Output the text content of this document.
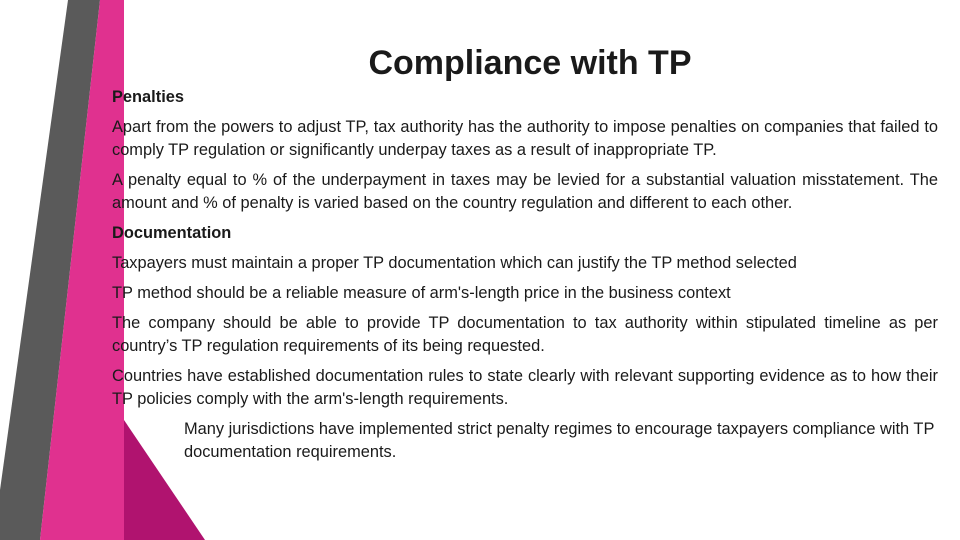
Compliance with TP

Penalties

Apart from the powers to adjust TP, tax authority has the authority to impose penalties on companies that failed to comply TP regulation or significantly underpay taxes as a result of inappropriate TP.

A penalty equal to % of the underpayment in taxes may be levied for a substantial valuation misstatement. The amount and % of penalty is varied based on the country regulation and different to each other.

Documentation

Taxpayers must maintain a proper TP documentation which can justify the TP method selected

TP method should be a reliable measure of arm's-length price in the business context

The company should be able to provide TP documentation to tax authority within stipulated timeline as per country’s TP regulation requirements of its being requested.

Countries have established documentation rules to state clearly with relevant supporting evidence as to how their TP policies comply with the arm's-length requirements.

Many jurisdictions have implemented strict penalty regimes to encourage taxpayers compliance with TP documentation requirements.
